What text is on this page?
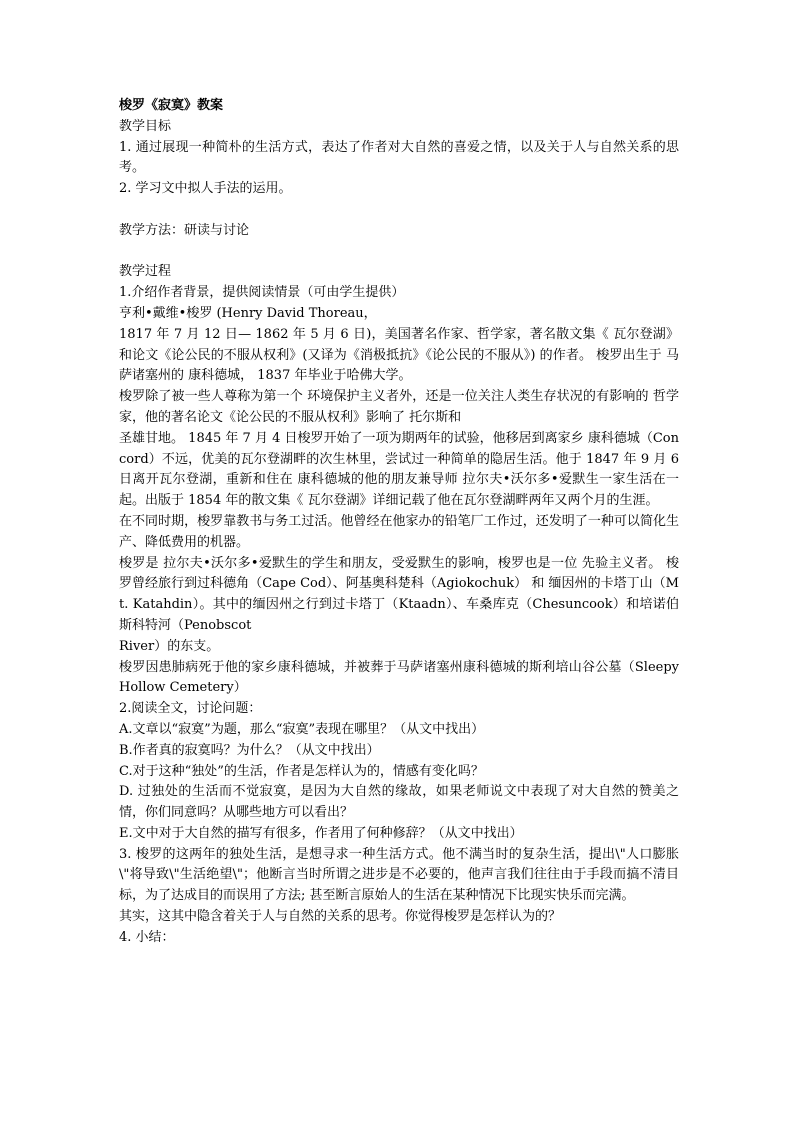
梭罗《寂寞》教案

教学目标

1. 通过展现一种简朴的生活方式，表达了作者对大自然的喜爱之情，以及关于人与自然关系的思考。

2. 学习文中拟人手法的运用。

教学方法：研读与讨论

教学过程

1.介绍作者背景，提供阅读情景（可由学生提供）

亨利•戴维•梭罗 (Henry David Thoreau，

1817 年 7 月 12 日— 1862 年 5 月 6 日)，美国著名作家、哲学家，著名散文集《 瓦尔登湖》和论文《论公民的不服从权利》(又译为《消极抵抗》《论公民的不服从》) 的作者。 梭罗出生于 马萨诸塞州的 康科德城， 1837 年毕业于哈佛大学。

梭罗除了被一些人尊称为第一个 环境保护主义者外，还是一位关注人类生存状况的有影响的 哲学家，他的著名论文《论公民的不服从权利》影响了 托尔斯和

圣雄甘地。 1845 年 7 月 4 日梭罗开始了一项为期两年的试验，他移居到离家乡 康科德城（Concord）不远，优美的瓦尔登湖畔的次生林里，尝试过一种简单的隐居生活。他于 1847 年 9 月 6 日离开瓦尔登湖，重新和住在 康科德城的他的朋友兼导师 拉尔夫•沃尔多•爱默生一家生活在一起。出版于 1854 年的散文集《 瓦尔登湖》详细记载了他在瓦尔登湖畔两年又两个月的生涯。

在不同时期，梭罗靠教书与务工过活。他曾经在他家办的铅笔厂工作过，还发明了一种可以简化生产、降低费用的机器。

梭罗是 拉尔夫•沃尔多•爱默生的学生和朋友，受爱默生的影响，梭罗也是一位 先验主义者。 梭罗曾经旅行到过科德角（Cape Cod）、阿基奥科楚科（Agiokochuk） 和 缅因州的卡塔丁山（Mt. Katahdin）。其中的缅因州之行到过卡塔丁（Ktaadn）、车桑库克（Chesuncook）和培诺伯斯科特河（Penobscot

River）的东支。

梭罗因患肺病死于他的家乡康科德城，并被葬于马萨诸塞州康科德城的斯利培山谷公墓（Sleepy Hollow Cemetery）

2.阅读全文，讨论问题：

A.文章以“寂寞”为题，那么“寂寞”表现在哪里？（从文中找出）

B.作者真的寂寞吗？为什么？（从文中找出）

C.对于这种“独处”的生活，作者是怎样认为的，情感有变化吗？

D. 过独处的生活而不觉寂寞，是因为大自然的缘故，如果老师说文中表现了对大自然的赞美之情，你们同意吗？从哪些地方可以看出？

E.文中对于大自然的描写有很多，作者用了何种修辞？（从文中找出）

3. 梭罗的这两年的独处生活，是想寻求一种生活方式。他不满当时的复杂生活，提出\"人口膨胀\"将导致\"生活绝望\"；他断言当时所谓之进步是不必要的，他声言我们往往由于手段而搞不清目标，为了达成目的而误用了方法; 甚至断言原始人的生活在某种情况下比现实快乐而完满。

其实，这其中隐含着关于人与自然的关系的思考。你觉得梭罗是怎样认为的？

4. 小结：
